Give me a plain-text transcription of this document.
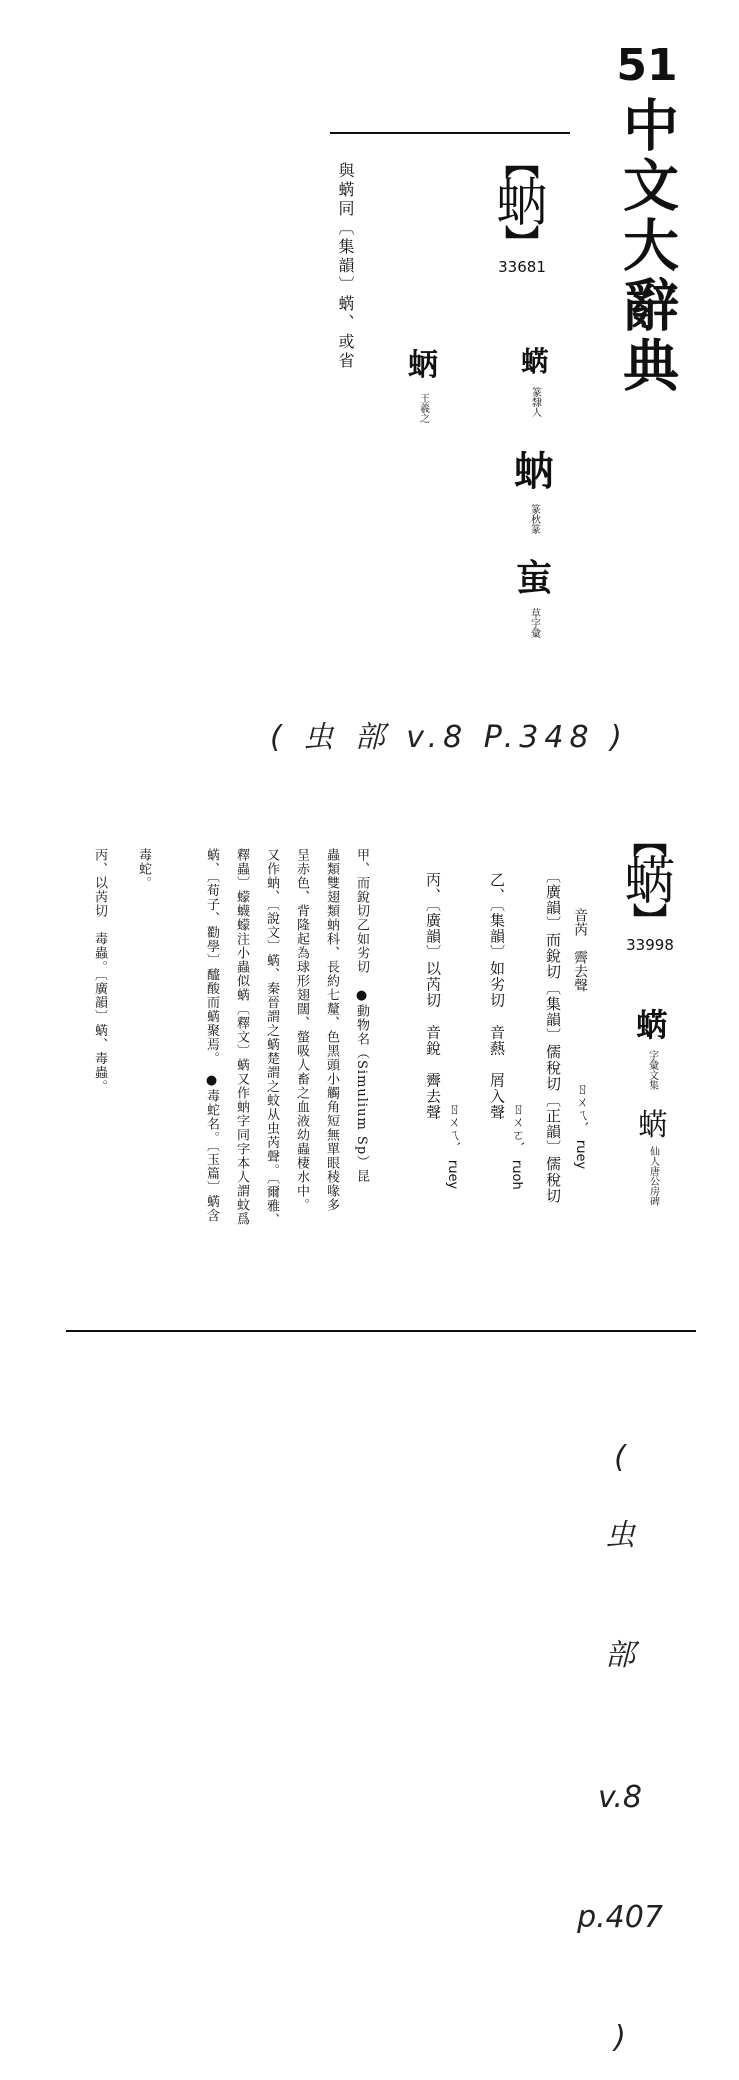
51
中文大辭典
︻
蚋
︼
33681
與蜹同〔集韻〕蜹、或省	蜹
篆隸人
蚋
篆秋篆
䖟
草字彙
蛃
王羲之
( 虫 部 v.8 P.348 )
︻
蜹
︼
33998
蜹
字彙文集
蜹
仙人唐公房碑
〔廣韻〕而銳切〔集韻〕儒稅切〔正韻〕儒稅切 音芮　霽去聲
ㄖㄨㄟˋ   ruey
乙、〔集韻〕如劣切　音爇　屑入聲
ㄖㄨㄛˋ   ruoh
丙、〔廣韻〕以芮切　音銳　霽去聲
ㄖㄨㄟˋ   ruey
甲、而銳切乙如劣切　●動物名（Simulium Sp）昆
蟲類雙翅類蚋科、長約七釐、色黑頭小觸角短無單眼稜喙多
呈赤色、背隆起為球形翅闊、螫吸人畜之血液幼蟲棲水中。
又作蚋、〔說文〕蜹、秦晉謂之蜹楚謂之蚊从虫芮聲。〔爾雅、
釋蟲〕蠓蠛蠓注小蟲似蜹〔釋文〕蜹又作蚋字同字本人謂蚊爲
蜹、〔荀子、勸學〕醯酸而蜹聚焉。　●毒蛇名。〔玉篇〕蜹含
毒蛇。
丙、以芮切　毒蟲。〔廣韻〕蜹、毒蟲。
(
虫
部
v.8
p.407
)
